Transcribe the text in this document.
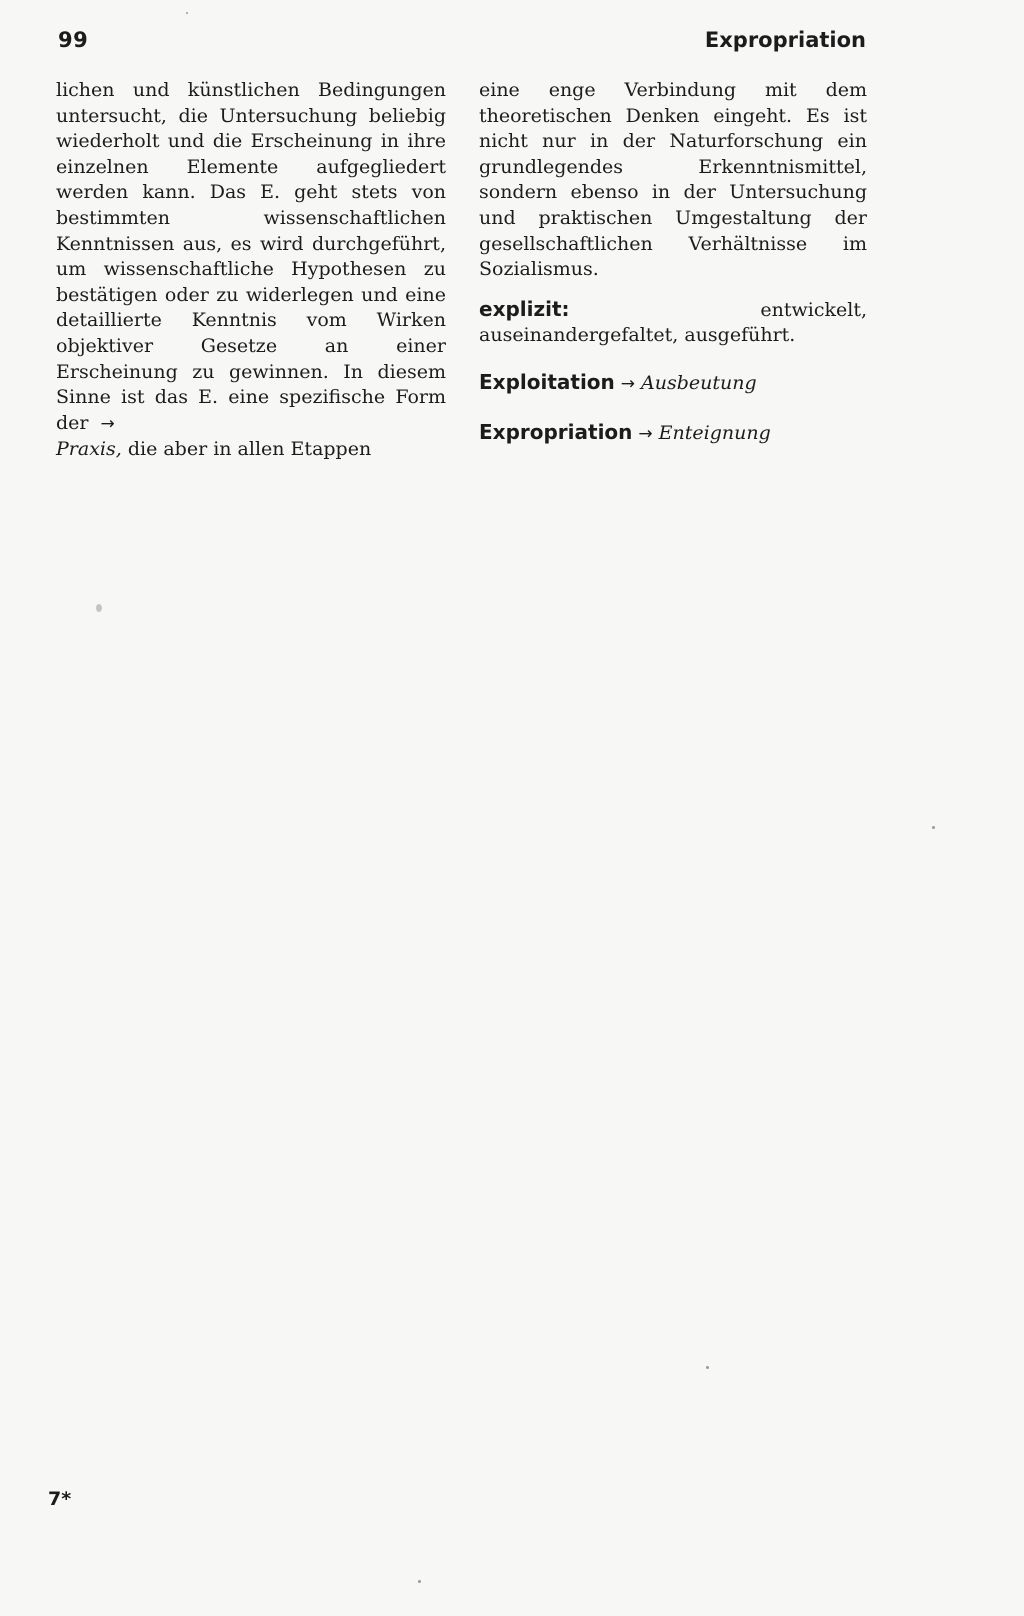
99	Expropriation

lichen und künstlichen Bedingungen untersucht, die Untersuchung beliebig wiederholt und die Erscheinung in ihre einzelnen Elemente aufgegliedert werden kann. Das E. geht stets von bestimmten wissenschaftlichen Kenntnissen aus, es wird durchgeführt, um wissenschaftliche Hypothesen zu bestätigen oder zu widerlegen und eine detaillierte Kenntnis vom Wirken objektiver Gesetze an einer Erscheinung zu gewinnen. In diesem Sinne ist das E. eine spezifische Form der →
Praxis, die aber in allen Etappen

eine enge Verbindung mit dem theoretischen Denken eingeht. Es ist nicht nur in der Naturforschung ein grundlegendes Erkenntnismittel, sondern ebenso in der Untersuchung und praktischen Umgestaltung der gesellschaftlichen Verhältnisse im Sozialismus.

explizit:	entwickelt, auseinandergefaltet, ausgeführt.

Exploitation → Ausbeutung

Expropriation → Enteignung

7*
